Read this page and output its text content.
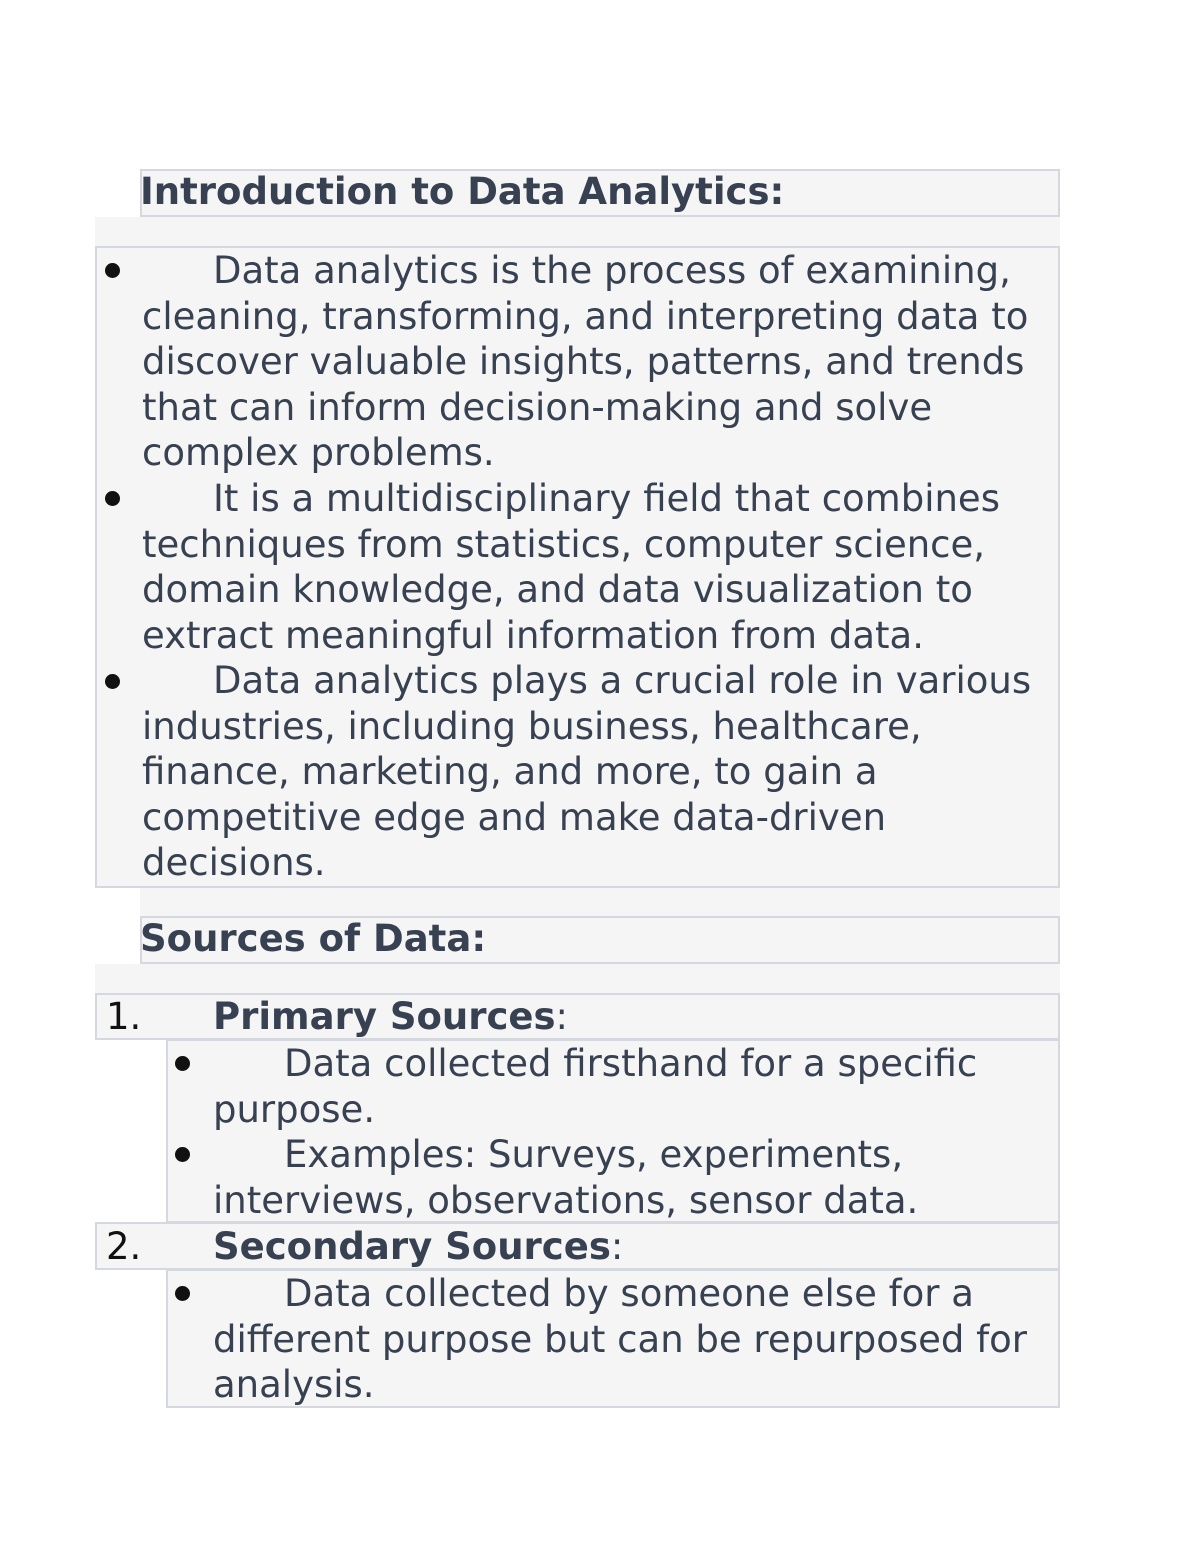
Introduction to Data Analytics:
Data analytics is the process of examining, cleaning, transforming, and interpreting data to discover valuable insights, patterns, and trends that can inform decision-making and solve complex problems.
It is a multidisciplinary field that combines techniques from statistics, computer science, domain knowledge, and data visualization to extract meaningful information from data.
Data analytics plays a crucial role in various industries, including business, healthcare, finance, marketing, and more, to gain a competitive edge and make data-driven decisions.
Sources of Data:
1. Primary Sources:
Data collected firsthand for a specific purpose.
Examples: Surveys, experiments, interviews, observations, sensor data.
2. Secondary Sources:
Data collected by someone else for a different purpose but can be repurposed for analysis.
